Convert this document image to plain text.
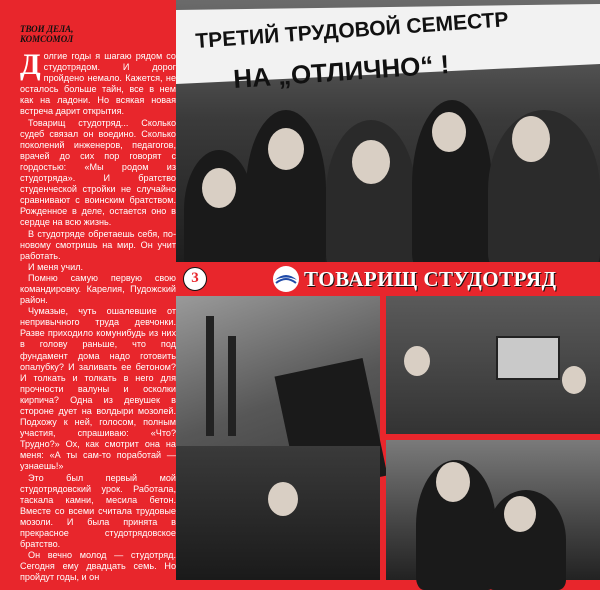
ТВОИ ДЕЛА,
КОМСОМОЛ

Долгие годы я шагаю рядом со студотрядом. И дорог пройдено немало. Кажется, не осталось больше тайн, все в нем как на ладони. Но всякая новая встреча дарит открытия.

Товарищ студотряд... Сколько судеб связал он воедино. Сколько поколений инженеров, педагогов, врачей до сих пор говорят с гордостью: «Мы родом из студотряда». И братство студенческой стройки не случайно сравнивают с воинским братством. Рожденное в деле, остается оно в сердце на всю жизнь.

В студотряде обретаешь себя, по-новому смотришь на мир. Он учит работать.

И меня учил.

Помню самую первую свою командировку. Карелия, Пудожский район.

Чумазые, чуть ошалевшие от непривычного труда девчонки. Разве приходило комунибудь из них в голову раньше, что под фундамент дома надо готовить опалубку? И заливать ее бетоном? И толкать и толкать в него для прочности валуны и осколки кирпича? Одна из девушек в стороне дует на волдыри мозолей. Подхожу к ней, голосом, полным участия, спрашиваю: «Что? Трудно?» Ох, как смотрит она на меня: «А ты сам-то поработай — узнаешь!»

Это был первый мой студотрядовский урок. Работала, таскала камни, месила бетон. Вместе со всеми считала трудовые мозоли. И была принята в прекрасное студотрядовское братство.

Он вечно молод — студотряд. Сегодня ему двадцать семь. Но пройдут годы, и он

ТРЕТИЙ ТРУДОВОЙ СЕМЕСТР
НА „ОТЛИЧНО“ !
3	ТОВАРИЩ СТУДОТРЯД
